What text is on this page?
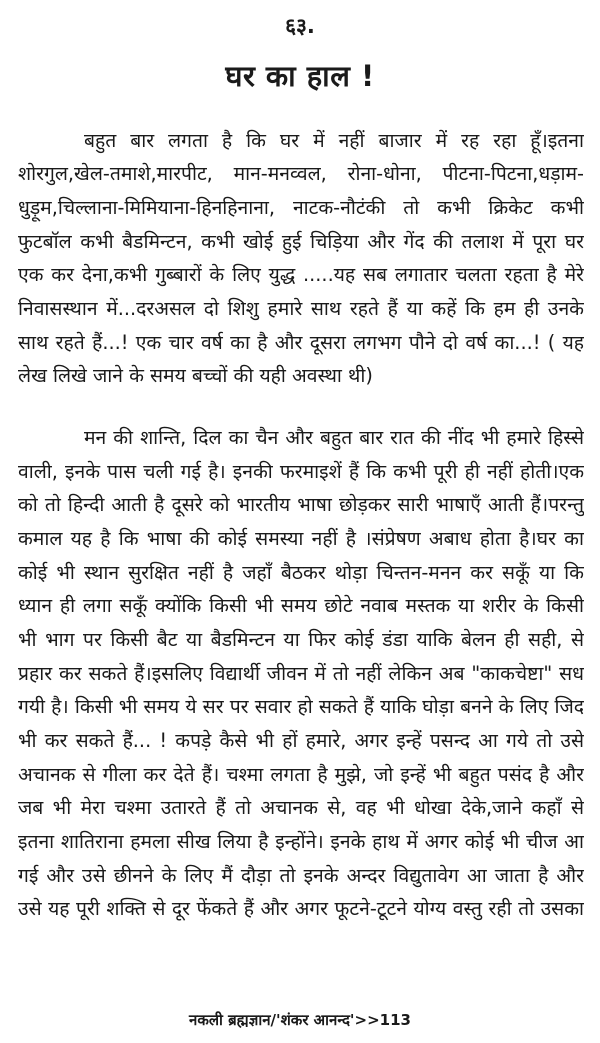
६३.
घर का हाल !
बहुत बार लगता है कि घर में नहीं बाजार में रह रहा हूँ।इतना
शोरगुल,खेल-तमाशे,मारपीट, मान-मनव्वल, रोना-धोना, पीटना-पिटना,धड़ाम-
धुड़ूम,चिल्लाना-मिमियाना-हिनहिनाना, नाटक-नौटंकी तो कभी क्रिकेट कभी
फुटबॉल कभी बैडमिन्टन, कभी खोई हुई चिड़िया और गेंद की तलाश में पूरा घर
एक कर देना,कभी गुब्बारों के लिए युद्ध .....यह सब लगातार चलता रहता है मेरे
निवासस्थान में...दरअसल दो शिशु हमारे साथ रहते हैं या कहें कि हम ही उनके
साथ रहते हैं...! एक चार वर्ष का है और दूसरा लगभग पौने दो वर्ष का...! ( यह
लेख लिखे जाने के समय बच्चों की यही अवस्था थी)
मन की शान्ति, दिल का चैन और बहुत बार रात की नींद भी हमारे हिस्से
वाली, इनके पास चली गई है। इनकी फरमाइशें हैं कि कभी पूरी ही नहीं होती।एक
को तो हिन्दी आती है दूसरे को भारतीय भाषा छोड़कर सारी भाषाएँ आती हैं।परन्तु
कमाल यह है कि भाषा की कोई समस्या नहीं है ।संप्रेषण अबाध होता है।घर का
कोई भी स्थान सुरक्षित नहीं है जहाँ बैठकर थोड़ा चिन्तन-मनन कर सकूँ या कि
ध्यान ही लगा सकूँ क्योंकि किसी भी समय छोटे नवाब मस्तक या शरीर के किसी
भी भाग पर किसी बैट या बैडमिन्टन या फिर कोई डंडा याकि बेलन ही सही, से
प्रहार कर सकते हैं।इसलिए विद्यार्थी जीवन में तो नहीं लेकिन अब "काकचेष्टा" सध
गयी है। किसी भी समय ये सर पर सवार हो सकते हैं याकि घोड़ा बनने के लिए जिद
भी कर सकते हैं... ! कपड़े कैसे भी हों हमारे, अगर इन्हें पसन्द आ गये तो उसे
अचानक से गीला कर देते हैं। चश्मा लगता है मुझे, जो इन्हें भी बहुत पसंद है और
जब भी मेरा चश्मा उतारते हैं तो अचानक से, वह भी धोखा देके,जाने कहाँ से
इतना शातिराना हमला सीख लिया है इन्होंने। इनके हाथ में अगर कोई भी चीज आ
गई और उसे छीनने के लिए मैं दौड़ा तो इनके अन्दर विद्युतावेग आ जाता है और
उसे यह पूरी शक्ति से दूर फेंकते हैं और अगर फूटने-टूटने योग्य वस्तु रही तो उसका
नकली ब्रह्मज्ञान/'शंकर आनन्द'>>113
